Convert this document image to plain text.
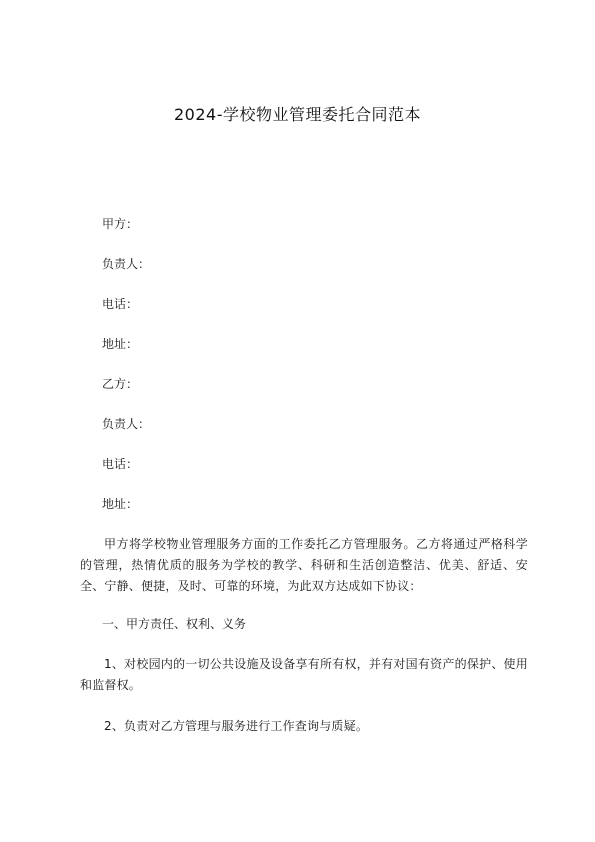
2024-学校物业管理委托合同范本
甲方：
负责人：
电话：
地址：
乙方：
负责人：
电话：
地址：
甲方将学校物业管理服务方面的工作委托乙方管理服务。乙方将通过严格科学的管理，热情优质的服务为学校的教学、科研和生活创造整洁、优美、舒适、安全、宁静、便捷，及时、可靠的环境，为此双方达成如下协议：
一、甲方责任、权利、义务
1、对校园内的一切公共设施及设备享有所有权，并有对国有资产的保护、使用和监督权。
2、负责对乙方管理与服务进行工作查询与质疑。
